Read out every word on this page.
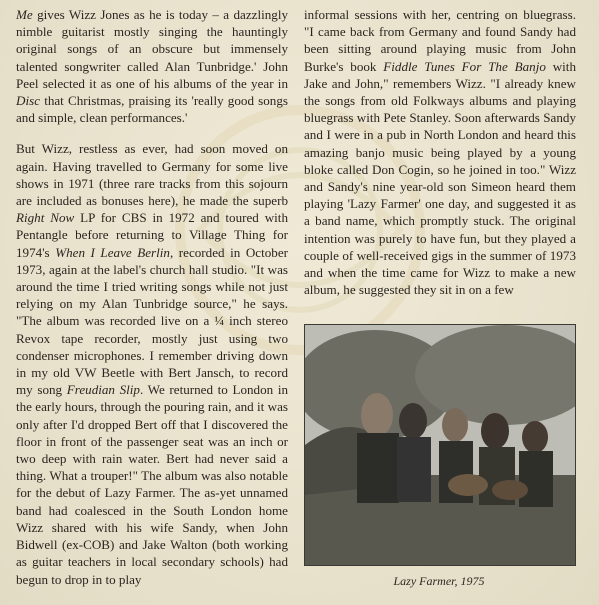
Me gives Wizz Jones as he is today – a dazzlingly nimble guitarist mostly singing the hauntingly original songs of an obscure but immensely talented songwriter called Alan Tunbridge.' John Peel selected it as one of his albums of the year in Disc that Christmas, praising its 'really good songs and simple, clean performances.'

But Wizz, restless as ever, had soon moved on again. Having travelled to Germany for some live shows in 1971 (three rare tracks from this sojourn are included as bonuses here), he made the superb Right Now LP for CBS in 1972 and toured with Pentangle before returning to Village Thing for 1974's When I Leave Berlin, recorded in October 1973, again at the label's church hall studio. "It was around the time I tried writing songs while not just relying on my Alan Tunbridge source," he says. "The album was recorded live on a ¼ inch stereo Revox tape recorder, mostly just using two condenser microphones. I remember driving down in my old VW Beetle with Bert Jansch, to record my song Freudian Slip. We returned to London in the early hours, through the pouring rain, and it was only after I'd dropped Bert off that I discovered the floor in front of the passenger seat was an inch or two deep with rain water. Bert had never said a thing. What a trouper!" The album was also notable for the debut of Lazy Farmer. The as-yet unnamed band had coalesced in the South London home Wizz shared with his wife Sandy, when John Bidwell (ex-COB) and Jake Walton (both working as guitar teachers in local secondary schools) had begun to drop in to play

informal sessions with her, centring on bluegrass. "I came back from Germany and found Sandy had been sitting around playing music from John Burke's book Fiddle Tunes For The Banjo with Jake and John," remembers Wizz. "I already knew the songs from old Folkways albums and playing bluegrass with Pete Stanley. Soon afterwards Sandy and I were in a pub in North London and heard this amazing banjo music being played by a young bloke called Don Cogin, so he joined in too." Wizz and Sandy's nine year-old son Simeon heard them playing 'Lazy Farmer' one day, and suggested it as a band name, which promptly stuck. The original intention was purely to have fun, but they played a couple of well-received gigs in the summer of 1973 and when the time came for Wizz to make a new album, he suggested they sit in on a few

Lazy Farmer, 1975
